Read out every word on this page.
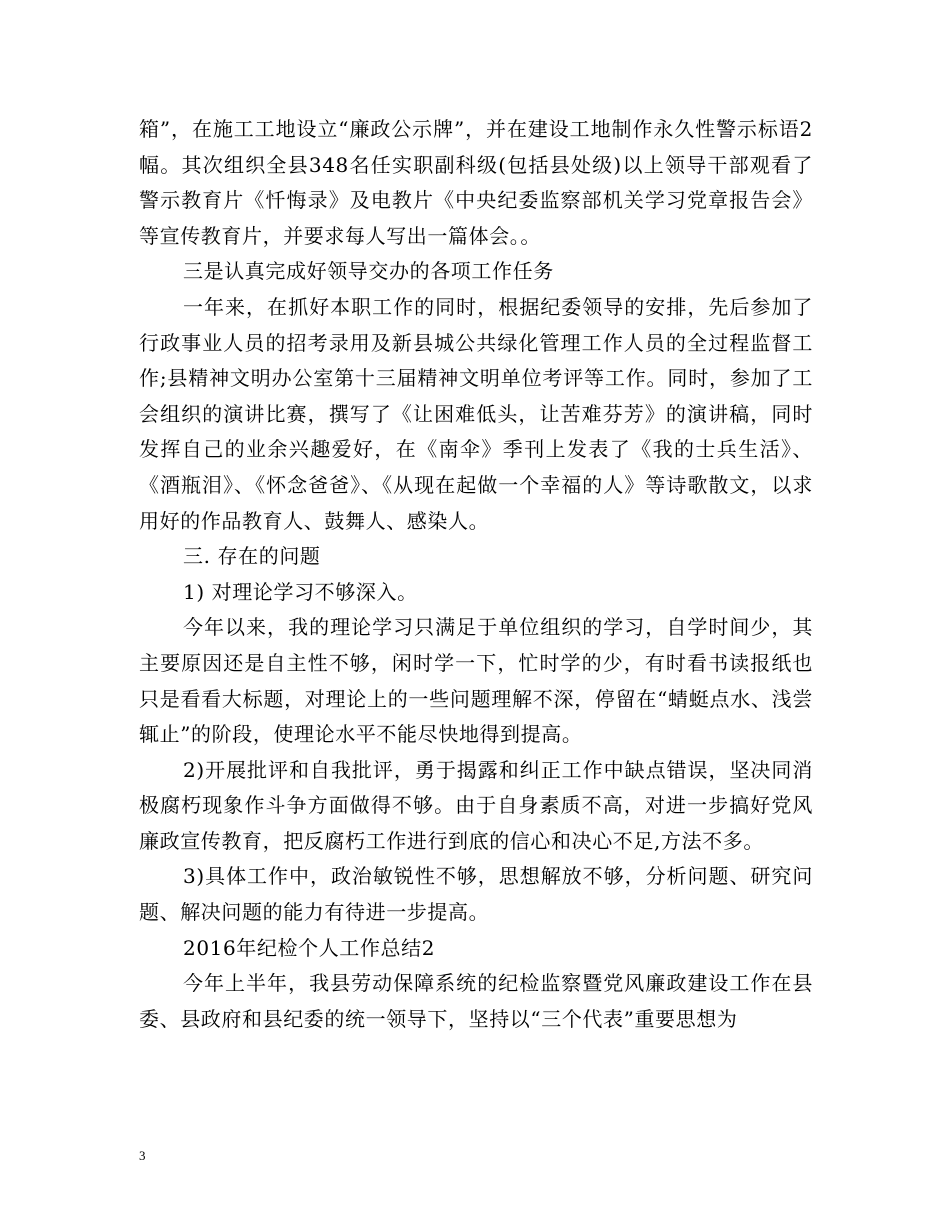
箱”，在施工工地设立“廉政公示牌”，并在建设工地制作永久性警示标语2幅。其次组织全县348名任实职副科级(包括县处级)以上领导干部观看了警示教育片《忏悔录》及电教片《中央纪委监察部机关学习党章报告会》等宣传教育片，并要求每人写出一篇体会。。

三是认真完成好领导交办的各项工作任务

一年来，在抓好本职工作的同时，根据纪委领导的安排，先后参加了行政事业人员的招考录用及新县城公共绿化管理工作人员的全过程监督工作;县精神文明办公室第十三届精神文明单位考评等工作。同时，参加了工会组织的演讲比赛，撰写了《让困难低头，让苦难芬芳》的演讲稿，同时发挥自己的业余兴趣爱好，在《南伞》季刊上发表了《我的士兵生活》、《酒瓶泪》、《怀念爸爸》、《从现在起做一个幸福的人》等诗歌散文，以求用好的作品教育人、鼓舞人、感染人。

三. 存在的问题

1) 对理论学习不够深入。

今年以来，我的理论学习只满足于单位组织的学习，自学时间少，其主要原因还是自主性不够，闲时学一下，忙时学的少，有时看书读报纸也只是看看大标题，对理论上的一些问题理解不深，停留在“蜻蜓点水、浅尝辄止”的阶段，使理论水平不能尽快地得到提高。

2)开展批评和自我批评，勇于揭露和纠正工作中缺点错误，坚决同消极腐朽现象作斗争方面做得不够。由于自身素质不高，对进一步搞好党风廉政宣传教育，把反腐朽工作进行到底的信心和决心不足,方法不多。

3)具体工作中，政治敏锐性不够，思想解放不够，分析问题、研究问题、解决问题的能力有待进一步提高。

2016年纪检个人工作总结2

今年上半年，我县劳动保障系统的纪检监察暨党风廉政建设工作在县委、县政府和县纪委的统一领导下，坚持以“三个代表”重要思想为

3
